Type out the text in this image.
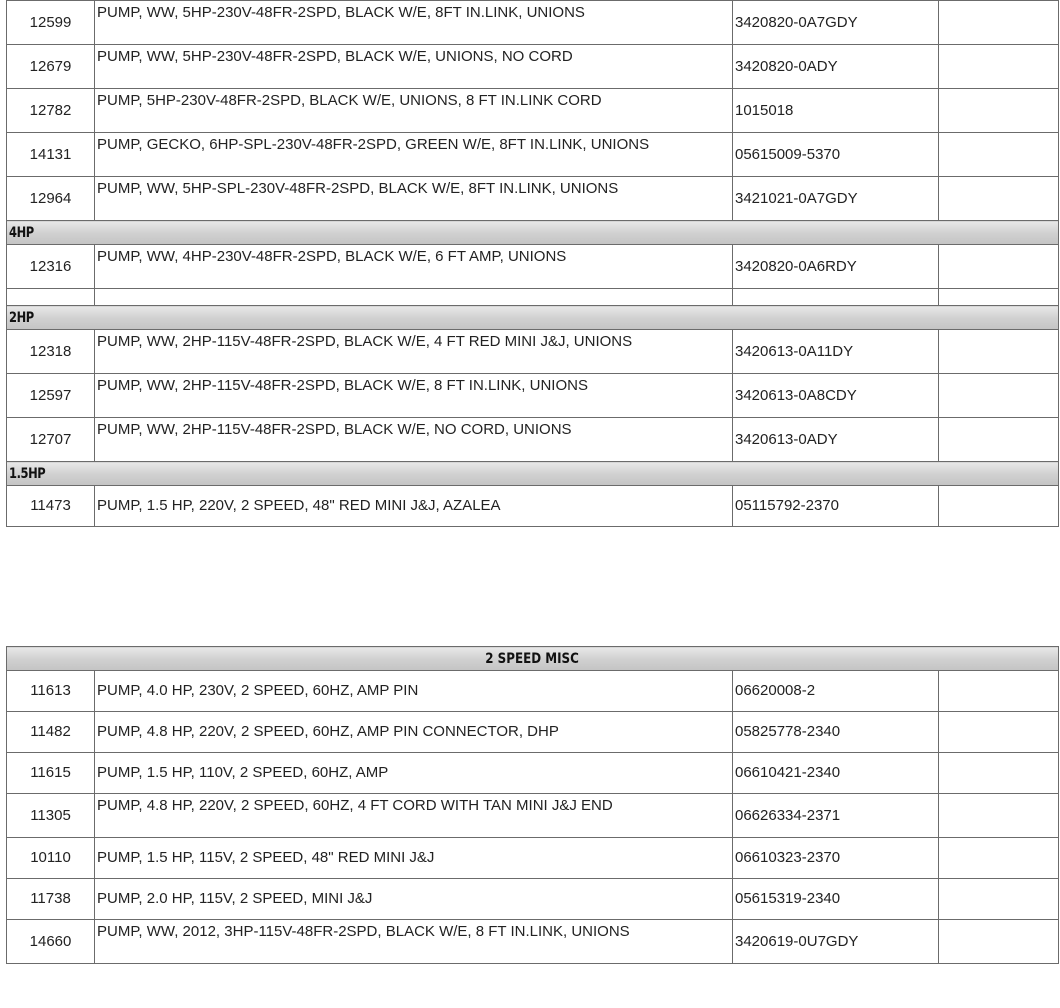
12599	PUMP, WW, 5HP-230V-48FR-2SPD, BLACK W/E, 8FT IN.LINK, UNIONS	3420820-0A7GDY	
12679	PUMP, WW, 5HP-230V-48FR-2SPD, BLACK W/E, UNIONS, NO CORD	3420820-0ADY	
12782	PUMP, 5HP-230V-48FR-2SPD, BLACK W/E, UNIONS, 8 FT IN.LINK CORD	1015018	
14131	PUMP, GECKO, 6HP-SPL-230V-48FR-2SPD, GREEN W/E, 8FT IN.LINK, UNIONS	05615009-5370	
12964	PUMP, WW, 5HP-SPL-230V-48FR-2SPD, BLACK W/E, 8FT IN.LINK, UNIONS	3421021-0A7GDY	
4HP			
12316	PUMP, WW, 4HP-230V-48FR-2SPD, BLACK W/E, 6 FT AMP, UNIONS	3420820-0A6RDY	

2HP			
12318	PUMP, WW, 2HP-115V-48FR-2SPD, BLACK W/E, 4 FT RED MINI J&J, UNIONS	3420613-0A11DY	
12597	PUMP, WW, 2HP-115V-48FR-2SPD, BLACK W/E, 8 FT IN.LINK, UNIONS	3420613-0A8CDY	
12707	PUMP, WW, 2HP-115V-48FR-2SPD, BLACK W/E, NO CORD, UNIONS	3420613-0ADY	
1.5HP			
11473	PUMP, 1.5 HP, 220V, 2 SPEED, 48" RED MINI J&J, AZALEA	05115792-2370	
2 SPEED MISC			
11613	PUMP, 4.0 HP, 230V, 2 SPEED, 60HZ, AMP PIN	06620008-2	
11482	PUMP, 4.8 HP, 220V, 2 SPEED, 60HZ, AMP PIN CONNECTOR, DHP	05825778-2340	
11615	PUMP, 1.5 HP, 110V, 2 SPEED, 60HZ, AMP	06610421-2340	
11305	PUMP, 4.8 HP, 220V, 2 SPEED, 60HZ, 4 FT CORD WITH TAN MINI J&J END	06626334-2371	
10110	PUMP, 1.5 HP, 115V, 2 SPEED, 48" RED MINI J&J	06610323-2370	
11738	PUMP, 2.0 HP, 115V, 2 SPEED, MINI J&J	05615319-2340	
14660	PUMP, WW, 2012, 3HP-115V-48FR-2SPD, BLACK W/E, 8 FT IN.LINK, UNIONS	3420619-0U7GDY	
